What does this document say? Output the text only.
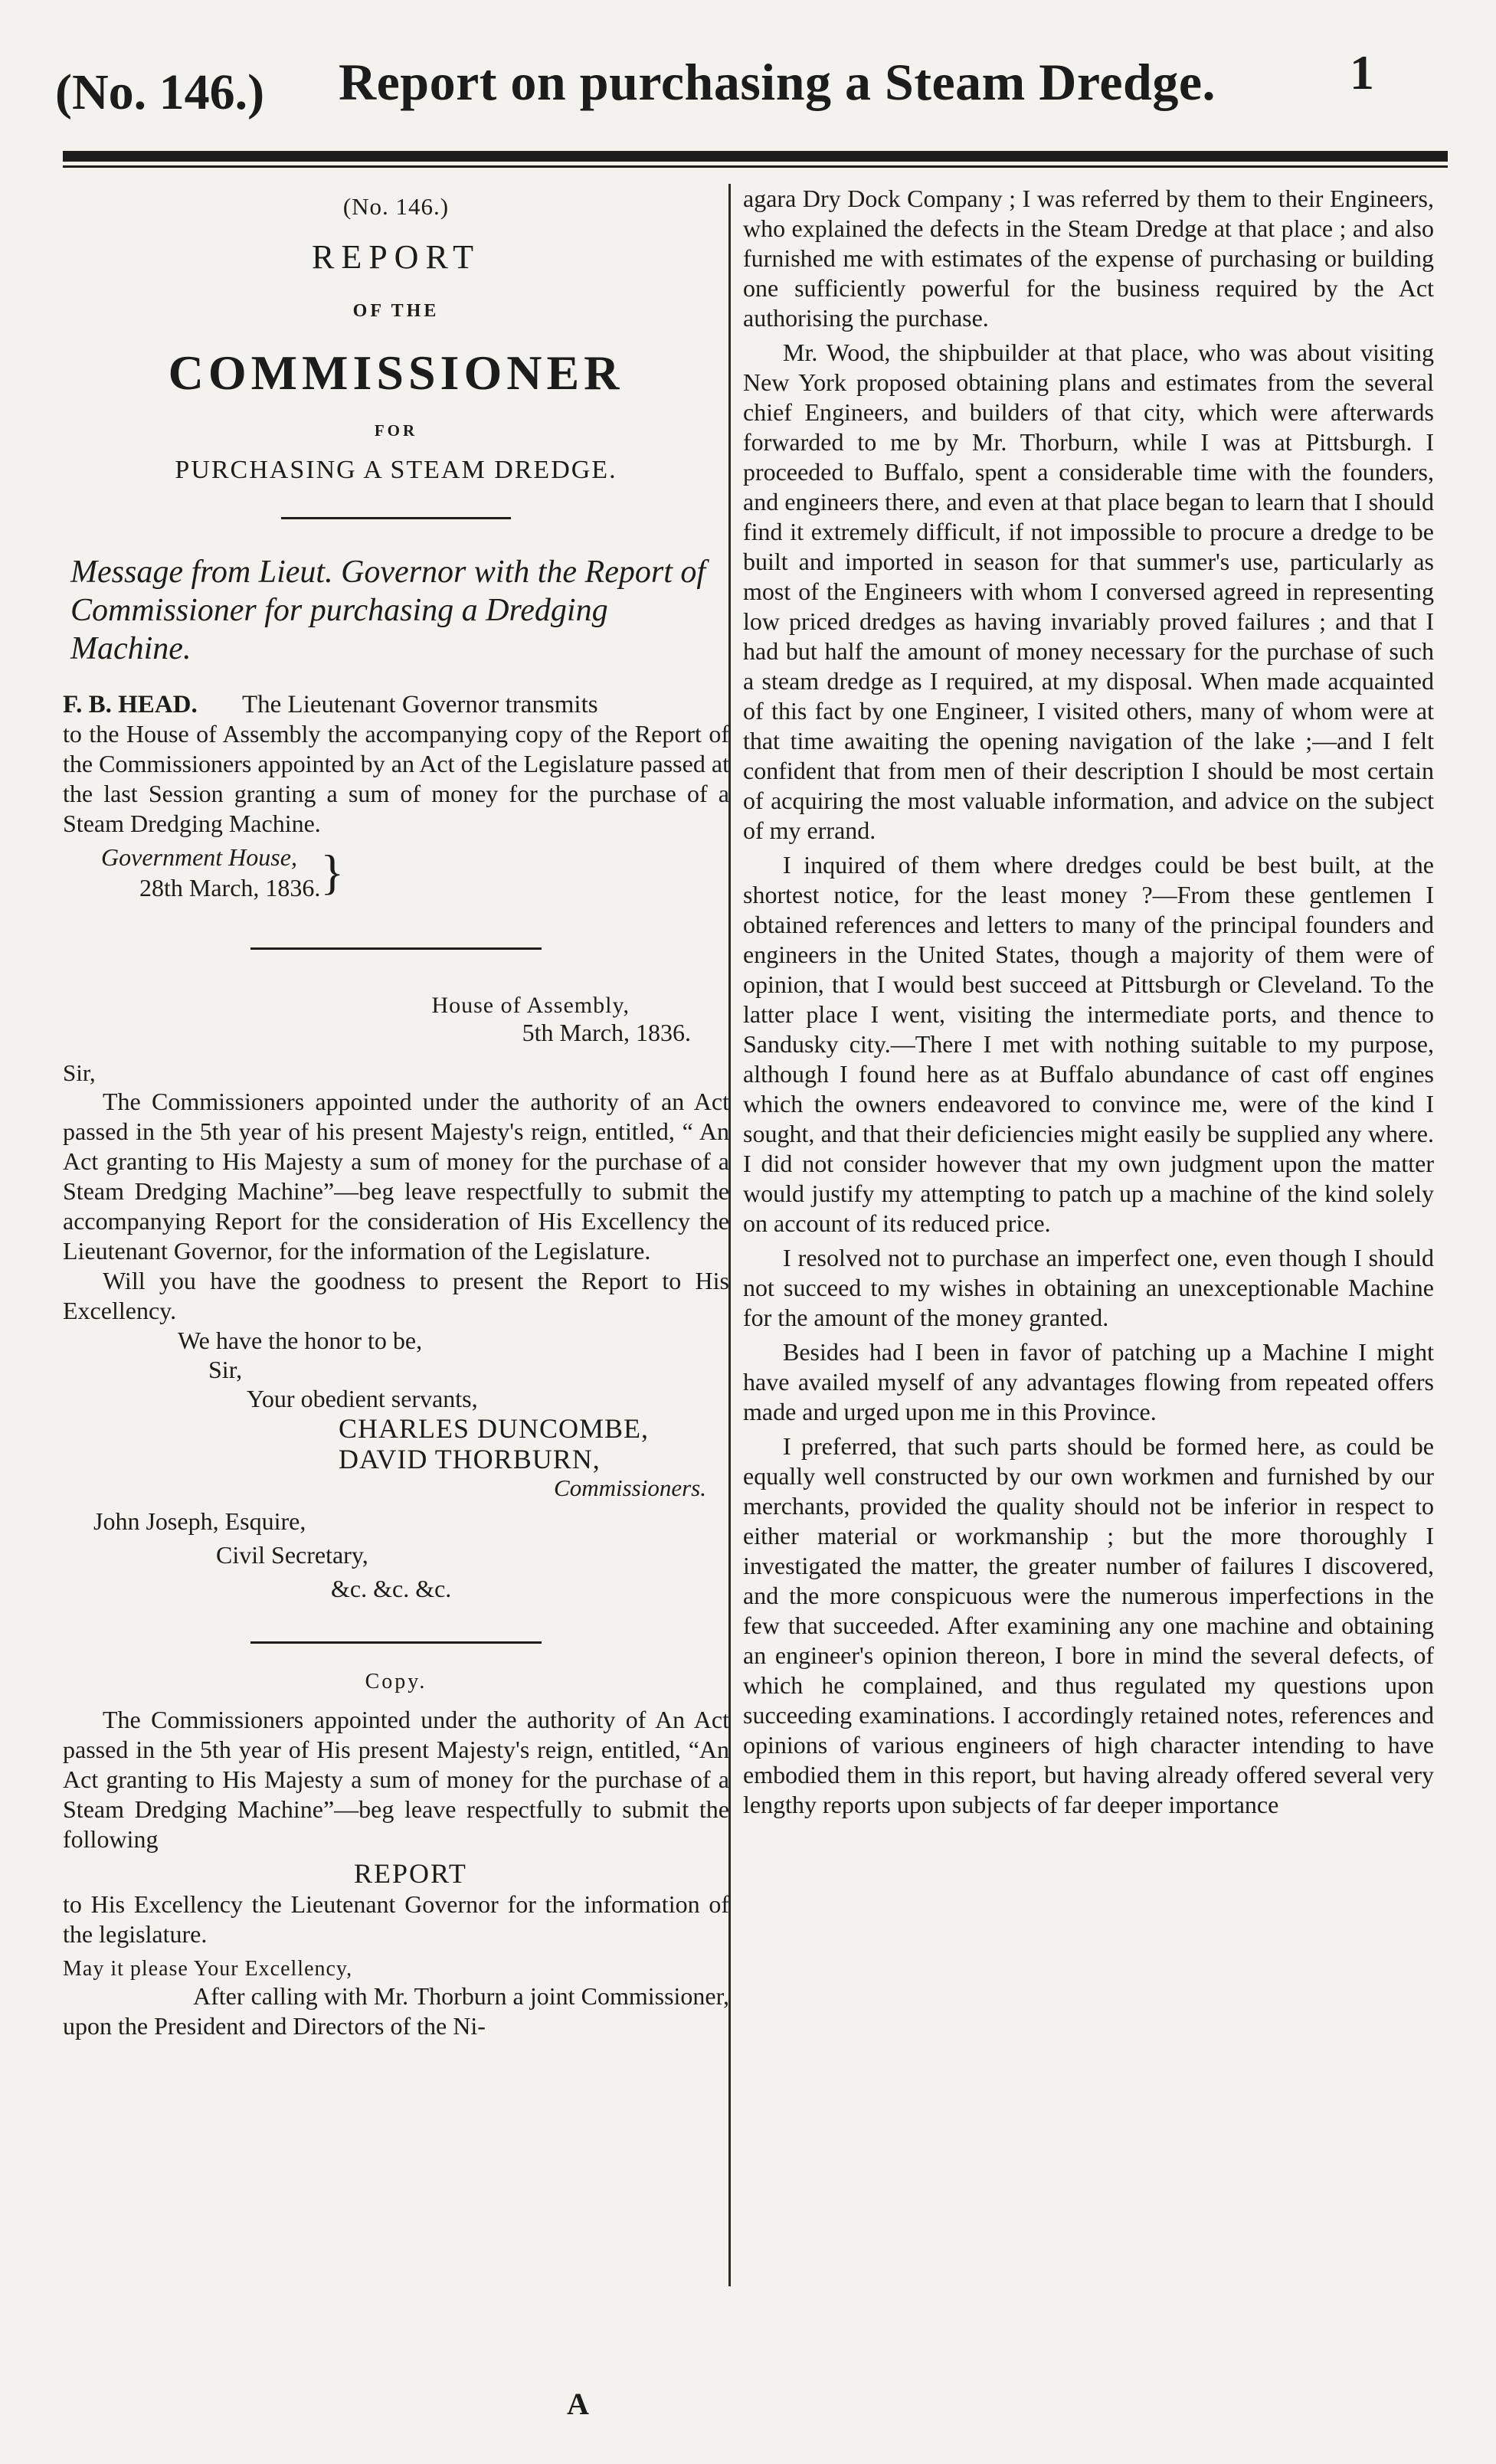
(No. 146.) Report on purchasing a Steam Dredge.	1
(No. 146.)
REPORT
OF THE
COMMISSIONER
FOR
PURCHASING A STEAM DREDGE.
Message from Lieut. Governor with the Report of Commissioner for purchasing a Dredging Machine.
F. B. HEAD. The Lieutenant Governor transmits

to the House of Assembly the accompanying copy of the Report of the Commissioners appointed by an Act of the Legislature passed at the last Session granting a sum of money for the purchase of a Steam Dredging Machine.

Government House,
28th March, 1836. }
House of Assembly,
5th March, 1836.
Sir,

The Commissioners appointed under the authority of an Act passed in the 5th year of his present Majesty's reign, entitled, “ An Act granting to His Majesty a sum of money for the purchase of a Steam Dredging Machine”—beg leave respectfully to submit the accompanying Report for the consideration of His Excellency the Lieutenant Governor, for the information of the Legislature.

Will you have the goodness to present the Report to His Excellency.

We have the honor to be,
Sir,
Your obedient servants,
CHARLES DUNCOMBE,
DAVID THORBURN,
Commissioners.
John Joseph, Esquire,
Civil Secretary,
&c. &c. &c.
Copy.

The Commissioners appointed under the authority of An Act passed in the 5th year of His present Majesty's reign, entitled, “An Act granting to His Majesty a sum of money for the purchase of a Steam Dredging Machine”—beg leave respectfully to submit the following

REPORT

to His Excellency the Lieutenant Governor for the information of the legislature.

May it please Your Excellency,

After calling with Mr. Thorburn a joint Commissioner, upon the President and Directors of the Ni-

A

agara Dry Dock Company ; I was referred by them to their Engineers, who explained the defects in the Steam Dredge at that place ; and also furnished me with estimates of the expense of purchasing or building one sufficiently powerful for the business required by the Act authorising the purchase.

Mr. Wood, the shipbuilder at that place, who was about visiting New York proposed obtaining plans and estimates from the several chief Engineers, and builders of that city, which were afterwards forwarded to me by Mr. Thorburn, while I was at Pittsburgh. I proceeded to Buffalo, spent a considerable time with the founders, and engineers there, and even at that place began to learn that I should find it extremely difficult, if not impossible to procure a dredge to be built and imported in season for that summer's use, particularly as most of the Engineers with whom I conversed agreed in representing low priced dredges as having invariably proved failures ; and that I had but half the amount of money necessary for the purchase of such a steam dredge as I required, at my disposal. When made acquainted of this fact by one Engineer, I visited others, many of whom were at that time awaiting the opening navigation of the lake ;—and I felt confident that from men of their description I should be most certain of acquiring the most valuable information, and advice on the subject of my errand.

I inquired of them where dredges could be best built, at the shortest notice, for the least money ?—From these gentlemen I obtained references and letters to many of the principal founders and engineers in the United States, though a majority of them were of opinion, that I would best succeed at Pittsburgh or Cleveland. To the latter place I went, visiting the intermediate ports, and thence to Sandusky city.—There I met with nothing suitable to my purpose, although I found here as at Buffalo abundance of cast off engines which the owners endeavored to convince me, were of the kind I sought, and that their deficiencies might easily be supplied any where. I did not consider however that my own judgment upon the matter would justify my attempting to patch up a machine of the kind solely on account of its reduced price.

I resolved not to purchase an imperfect one, even though I should not succeed to my wishes in obtaining an unexceptionable Machine for the amount of the money granted.

Besides had I been in favor of patching up a Machine I might have availed myself of any advantages flowing from repeated offers made and urged upon me in this Province.

I preferred, that such parts should be formed here, as could be equally well constructed by our own workmen and furnished by our merchants, provided the quality should not be inferior in respect to either material or workmanship ; but the more thoroughly I investigated the matter, the greater number of failures I discovered, and the more conspicuous were the numerous imperfections in the few that succeeded. After examining any one machine and obtaining an engineer's opinion thereon, I bore in mind the several defects, of which he complained, and thus regulated my questions upon succeeding examinations. I accordingly retained notes, references and opinions of various engineers of high character intending to have embodied them in this report, but having already offered several very lengthy reports upon subjects of far deeper importance
